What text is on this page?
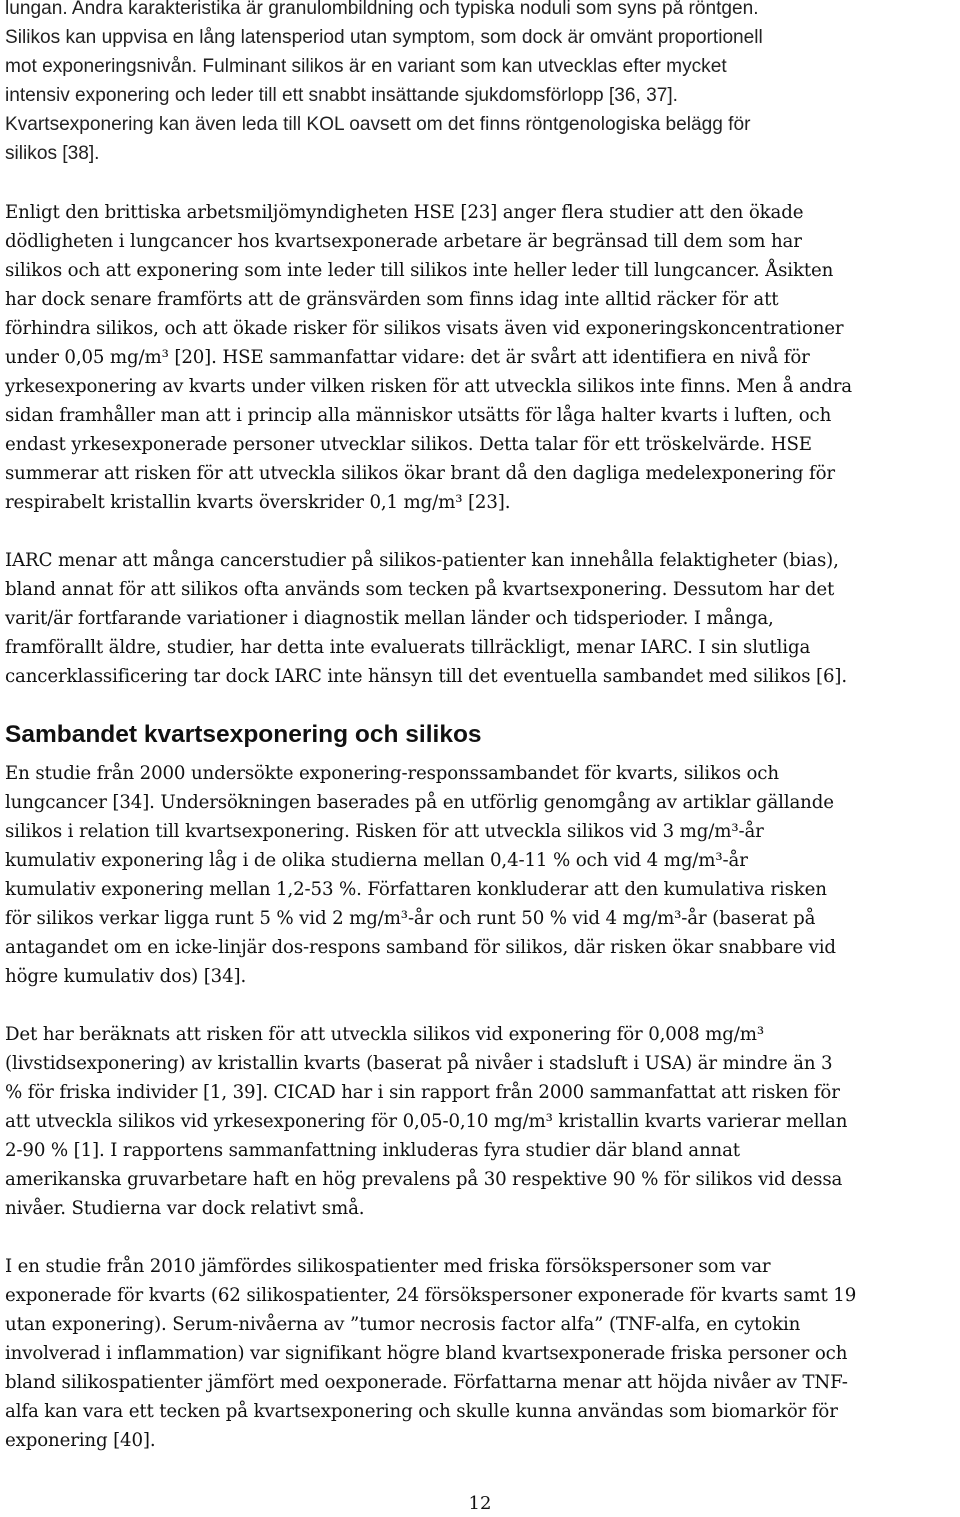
lungan. Andra karakteristika är granulombildning och typiska noduli som syns på röntgen.
Silikos kan uppvisa en lång latensperiod utan symptom, som dock är omvänt proportionell
mot exponeringsnivån. Fulminant silikos är en variant som kan utvecklas efter mycket
intensiv exponering och leder till ett snabbt insättande sjukdomsförlopp [36, 37].
Kvartsexponering kan även leda till KOL oavsett om det finns röntgenologiska belägg för
silikos [38].

Enligt den brittiska arbetsmiljömyndigheten HSE [23] anger flera studier att den ökade
dödligheten i lungcancer hos kvartsexponerade arbetare är begränsad till dem som har
silikos och att exponering som inte leder till silikos inte heller leder till lungcancer. Åsikten
har dock senare framförts att de gränsvärden som finns idag inte alltid räcker för att
förhindra silikos, och att ökade risker för silikos visats även vid exponeringskoncentrationer
under 0,05 mg/m³ [20]. HSE sammanfattar vidare: det är svårt att identifiera en nivå för
yrkesexponering av kvarts under vilken risken för att utveckla silikos inte finns. Men å andra
sidan framhåller man att i princip alla människor utsätts för låga halter kvarts i luften, och
endast yrkesexponerade personer utvecklar silikos. Detta talar för ett tröskelvärde. HSE
summerar att risken för att utveckla silikos ökar brant då den dagliga medelexponering för
respirabelt kristallin kvarts överskrider 0,1 mg/m³ [23].

IARC menar att många cancerstudier på silikos-patienter kan innehålla felaktigheter (bias),
bland annat för att silikos ofta används som tecken på kvartsexponering. Dessutom har det
varit/är fortfarande variationer i diagnostik mellan länder och tidsperioder. I många,
framförallt äldre, studier, har detta inte evaluerats tillräckligt, menar IARC. I sin slutliga
cancerklassificering tar dock IARC inte hänsyn till det eventuella sambandet med silikos [6].

Sambandet kvartsexponering och silikos

En studie från 2000 undersökte exponering-responssambandet för kvarts, silikos och
lungcancer [34]. Undersökningen baserades på en utförlig genomgång av artiklar gällande
silikos i relation till kvartsexponering. Risken för att utveckla silikos vid 3 mg/m³-år
kumulativ exponering låg i de olika studierna mellan 0,4-11 % och vid 4 mg/m³-år
kumulativ exponering mellan 1,2-53 %. Författaren konkluderar att den kumulativa risken
för silikos verkar ligga runt 5 % vid 2 mg/m³-år och runt 50 % vid 4 mg/m³-år (baserat på
antagandet om en icke-linjär dos-respons samband för silikos, där risken ökar snabbare vid
högre kumulativ dos) [34].

Det har beräknats att risken för att utveckla silikos vid exponering för 0,008 mg/m³
(livstidsexponering) av kristallin kvarts (baserat på nivåer i stadsluft i USA) är mindre än 3
% för friska individer [1, 39]. CICAD har i sin rapport från 2000 sammanfattat att risken för
att utveckla silikos vid yrkesexponering för 0,05-0,10 mg/m³ kristallin kvarts varierar mellan
2-90 % [1]. I rapportens sammanfattning inkluderas fyra studier där bland annat
amerikanska gruvarbetare haft en hög prevalens på 30 respektive 90 % för silikos vid dessa
nivåer. Studierna var dock relativt små.

I en studie från 2010 jämfördes silikospatienter med friska försökspersoner som var
exponerade för kvarts (62 silikospatienter, 24 försökspersoner exponerade för kvarts samt 19
utan exponering). Serum-nivåerna av ”tumor necrosis factor alfa” (TNF-alfa, en cytokin
involverad i inflammation) var signifikant högre bland kvartsexponerade friska personer och
bland silikospatienter jämfört med oexponerade. Författarna menar att höjda nivåer av TNF-
alfa kan vara ett tecken på kvartsexponering och skulle kunna användas som biomarkör för
exponering [40].

12
